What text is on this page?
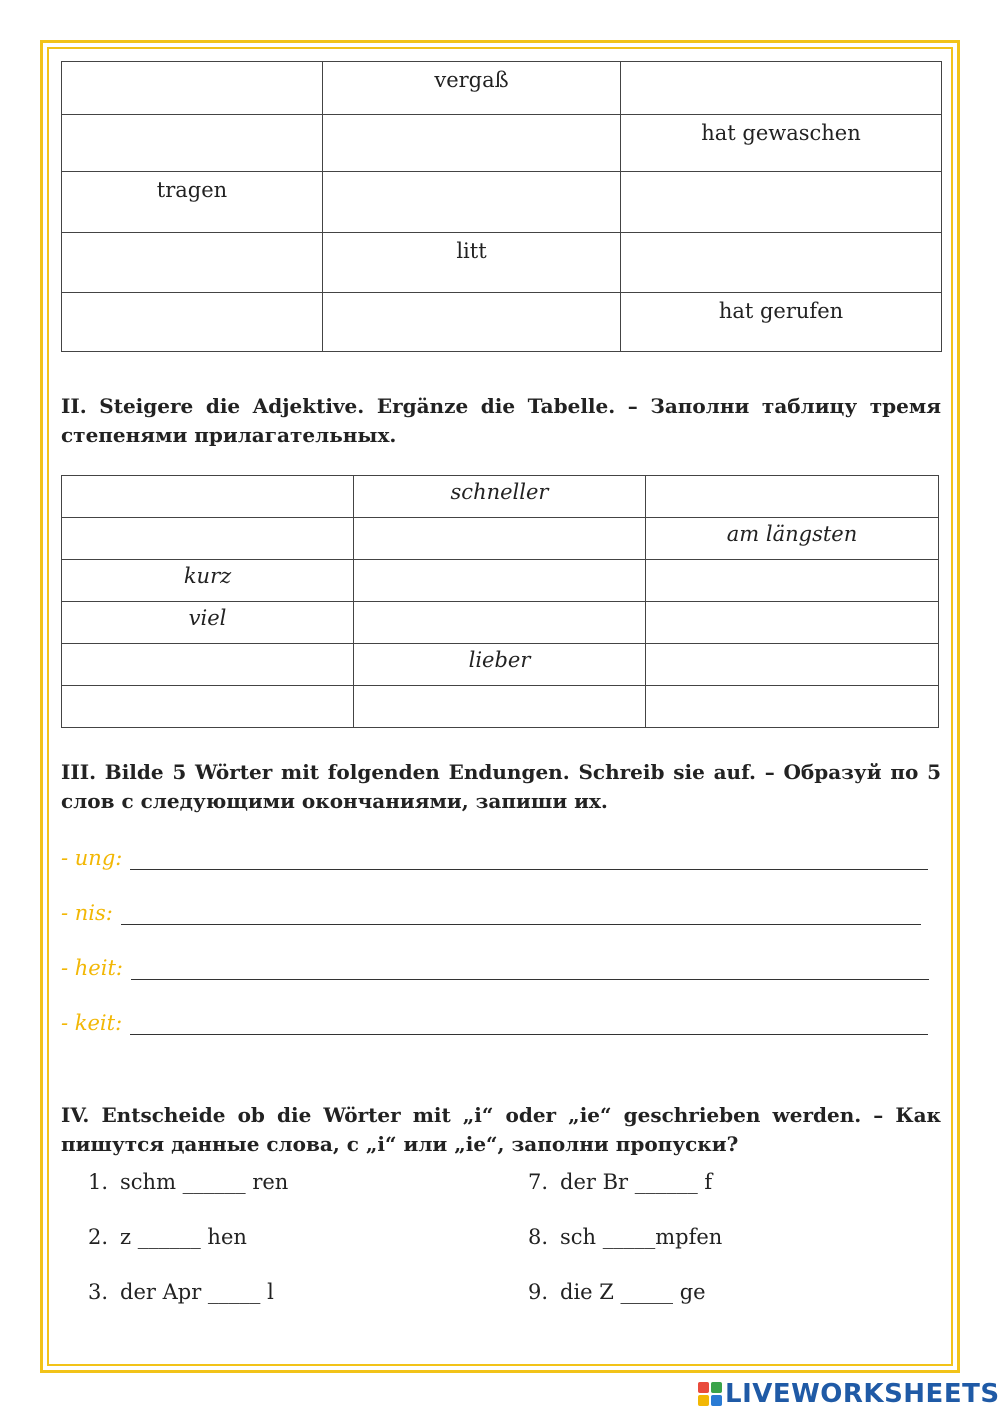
	vergaß	
		hat gewaschen
tragen		
	litt	
		hat gerufen

II. Steigere die Adjektive. Ergänze die Tabelle. – Заполни таблицу тремя степенями прилагательных.

	schneller	
		am längsten
kurz		
viel		
	lieber	

III. Bilde 5 Wörter mit folgenden Endungen. Schreib sie auf. – Образуй по 5 слов с следующими окончаниями, запиши их.

- ung:
- nis:
- heit:
- keit:

IV. Entscheide ob die Wörter mit „i“ oder „ie“ geschrieben werden. – Как пишутся данные слова, с „i“ или „ie“, заполни пропуски?

1. schm ______ ren
2. z ______ hen
3. der Apr _____ l
7. der Br ______ f
8. sch _____mpfen
9. die Z _____ ge
LIVEWORKSHEETS
